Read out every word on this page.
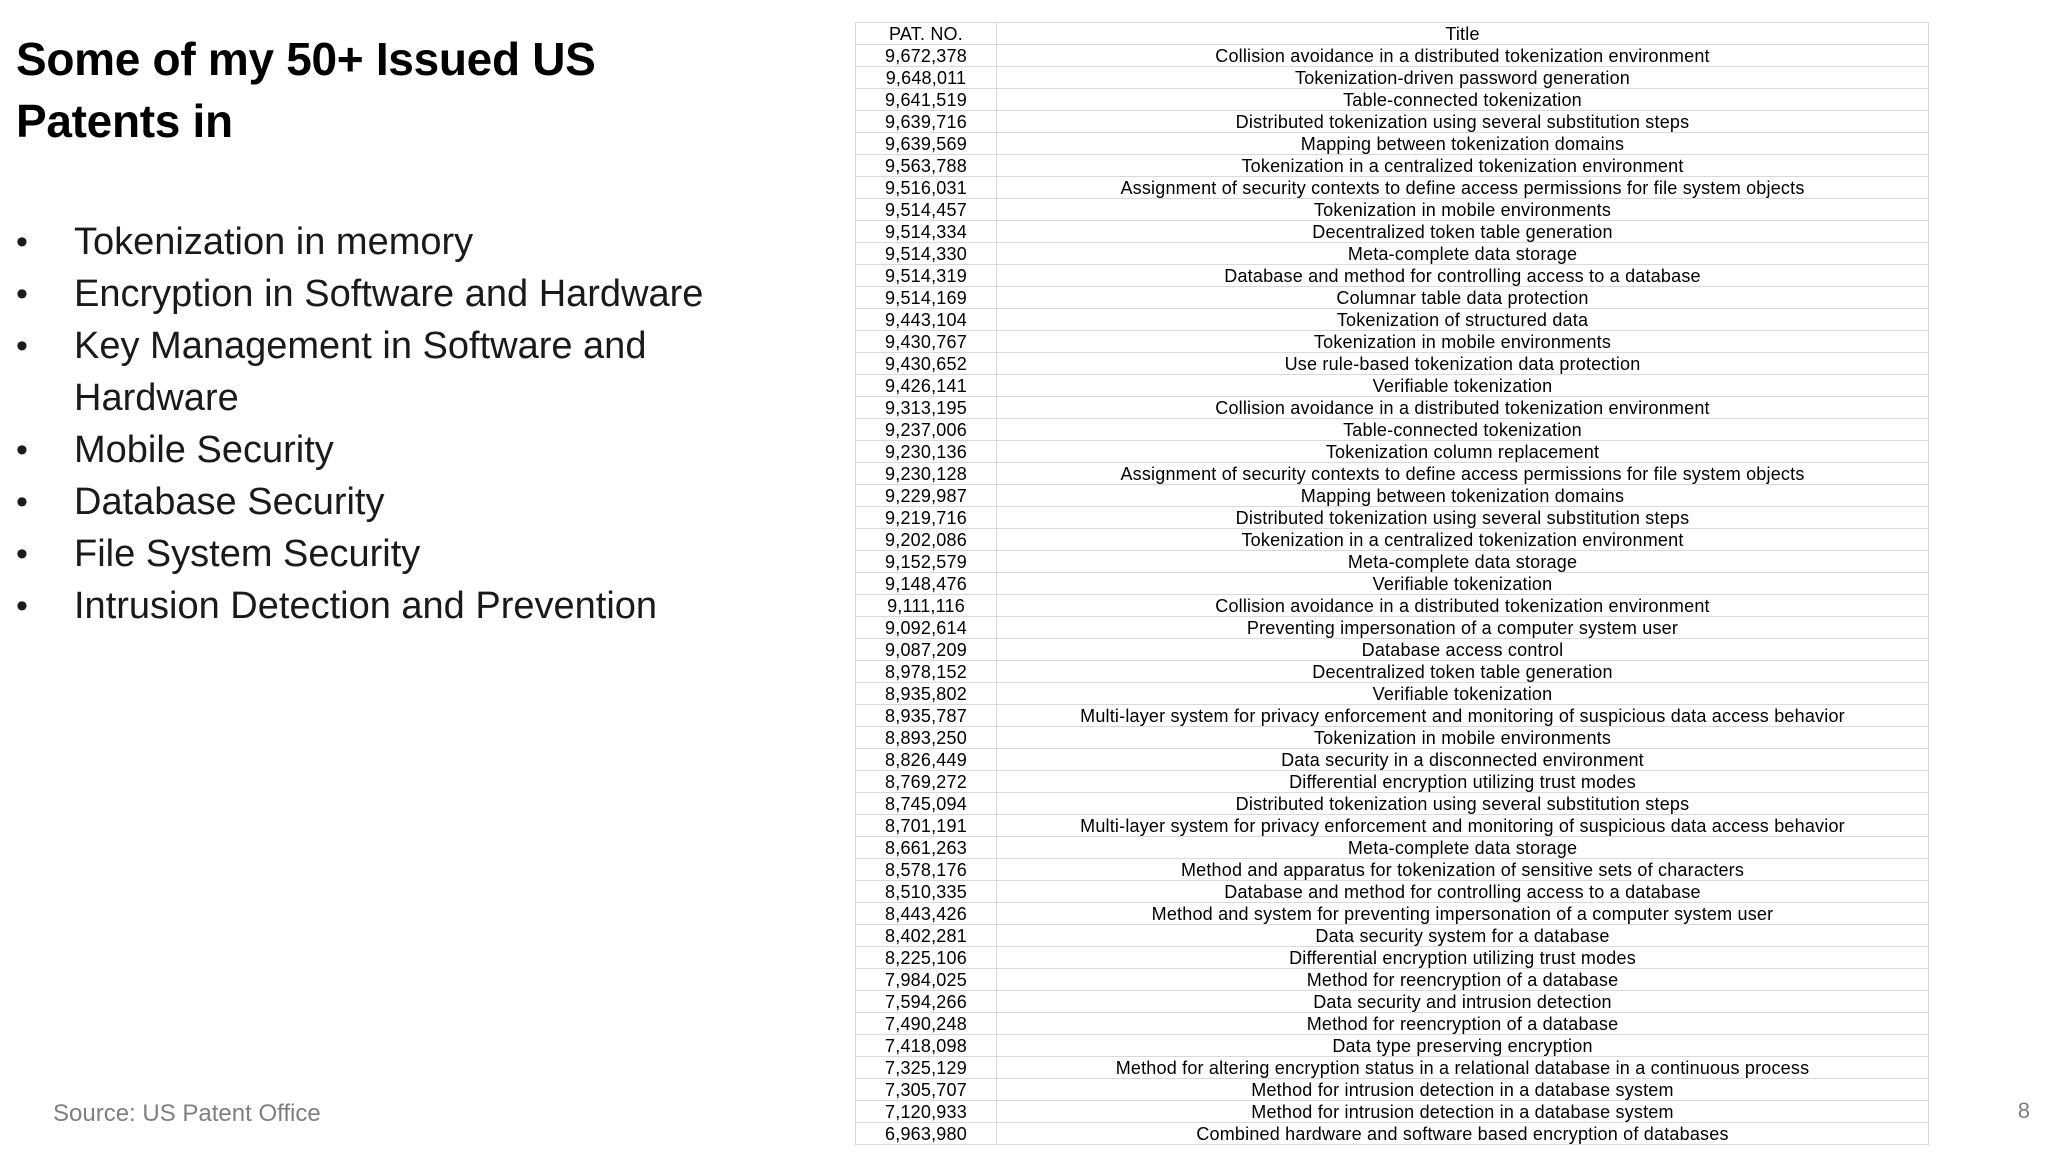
Some of my 50+ Issued US Patents in
• Tokenization in memory
• Encryption in Software and Hardware
• Key Management in Software and Hardware
• Mobile Security
• Database Security
• File System Security
• Intrusion Detection and Prevention
Source: US Patent Office	8
PAT. NO.	Title
9,672,378	Collision avoidance in a distributed tokenization environment
9,648,011	Tokenization-driven password generation
9,641,519	Table-connected tokenization
9,639,716	Distributed tokenization using several substitution steps
9,639,569	Mapping between tokenization domains
9,563,788	Tokenization in a centralized tokenization environment
9,516,031	Assignment of security contexts to define access permissions for file system objects
9,514,457	Tokenization in mobile environments
9,514,334	Decentralized token table generation
9,514,330	Meta-complete data storage
9,514,319	Database and method for controlling access to a database
9,514,169	Columnar table data protection
9,443,104	Tokenization of structured data
9,430,767	Tokenization in mobile environments
9,430,652	Use rule-based tokenization data protection
9,426,141	Verifiable tokenization
9,313,195	Collision avoidance in a distributed tokenization environment
9,237,006	Table-connected tokenization
9,230,136	Tokenization column replacement
9,230,128	Assignment of security contexts to define access permissions for file system objects
9,229,987	Mapping between tokenization domains
9,219,716	Distributed tokenization using several substitution steps
9,202,086	Tokenization in a centralized tokenization environment
9,152,579	Meta-complete data storage
9,148,476	Verifiable tokenization
9,111,116	Collision avoidance in a distributed tokenization environment
9,092,614	Preventing impersonation of a computer system user
9,087,209	Database access control
8,978,152	Decentralized token table generation
8,935,802	Verifiable tokenization
8,935,787	Multi-layer system for privacy enforcement and monitoring of suspicious data access behavior
8,893,250	Tokenization in mobile environments
8,826,449	Data security in a disconnected environment
8,769,272	Differential encryption utilizing trust modes
8,745,094	Distributed tokenization using several substitution steps
8,701,191	Multi-layer system for privacy enforcement and monitoring of suspicious data access behavior
8,661,263	Meta-complete data storage
8,578,176	Method and apparatus for tokenization of sensitive sets of characters
8,510,335	Database and method for controlling access to a database
8,443,426	Method and system for preventing impersonation of a computer system user
8,402,281	Data security system for a database
8,225,106	Differential encryption utilizing trust modes
7,984,025	Method for reencryption of a database
7,594,266	Data security and intrusion detection
7,490,248	Method for reencryption of a database
7,418,098	Data type preserving encryption
7,325,129	Method for altering encryption status in a relational database in a continuous process
7,305,707	Method for intrusion detection in a database system
7,120,933	Method for intrusion detection in a database system
6,963,980	Combined hardware and software based encryption of databases
